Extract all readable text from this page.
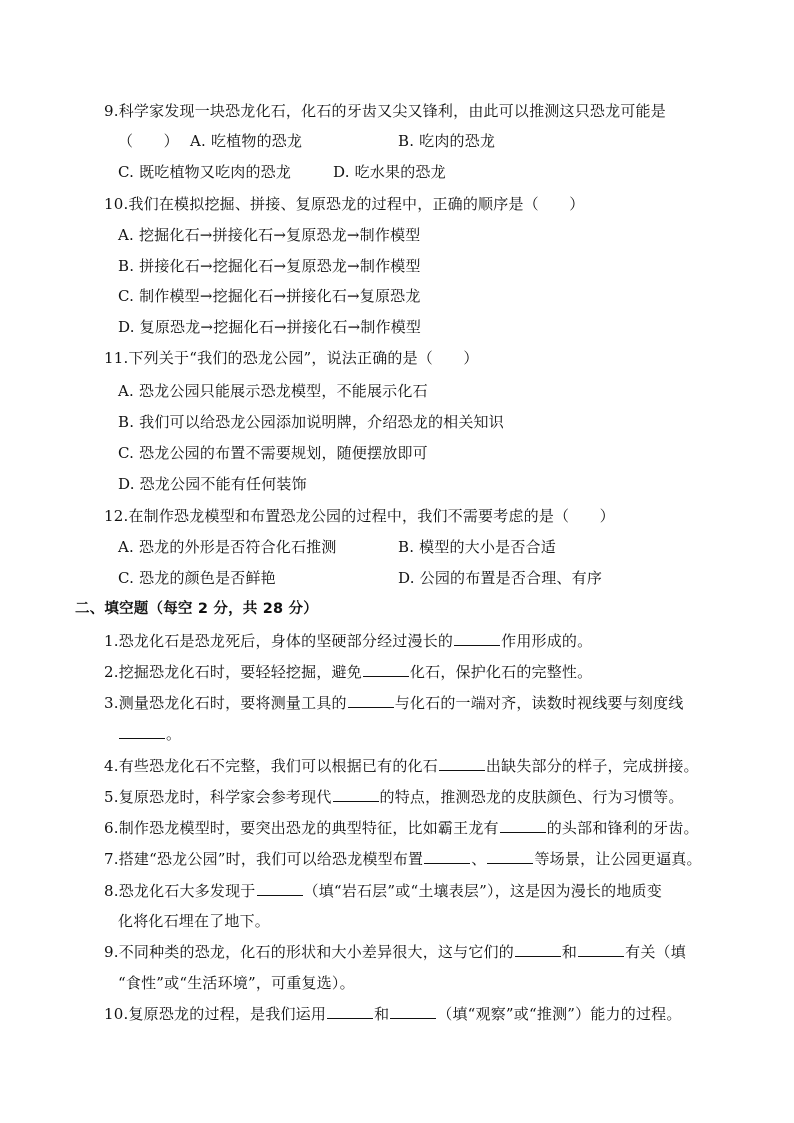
9.科学家发现一块恐龙化石，化石的牙齿又尖又锋利，由此可以推测这只恐龙可能是
（　　） A. 吃植物的恐龙	B. 吃肉的恐龙
C. 既吃植物又吃肉的恐龙	D. 吃水果的恐龙
10.我们在模拟挖掘、拼接、复原恐龙的过程中，正确的顺序是（　　）
A. 挖掘化石→拼接化石→复原恐龙→制作模型
B. 拼接化石→挖掘化石→复原恐龙→制作模型
C. 制作模型→挖掘化石→拼接化石→复原恐龙
D. 复原恐龙→挖掘化石→拼接化石→制作模型
11.下列关于“我们的恐龙公园”，说法正确的是（　　）
A. 恐龙公园只能展示恐龙模型，不能展示化石
B. 我们可以给恐龙公园添加说明牌，介绍恐龙的相关知识
C. 恐龙公园的布置不需要规划，随便摆放即可
D. 恐龙公园不能有任何装饰
12.在制作恐龙模型和布置恐龙公园的过程中，我们不需要考虑的是（　　）
A. 恐龙的外形是否符合化石推测	B. 模型的大小是否合适
C. 恐龙的颜色是否鲜艳	D. 公园的布置是否合理、有序
二、填空题（每空 2 分，共 28 分）
1.恐龙化石是恐龙死后，身体的坚硬部分经过漫长的	作用形成的。
2.挖掘恐龙化石时，要轻轻挖掘，避免	化石，保护化石的完整性。
3.测量恐龙化石时，要将测量工具的	与化石的一端对齐，读数时视线要与刻度线
。
4.有些恐龙化石不完整，我们可以根据已有的化石	出缺失部分的样子，完成拼接。
5.复原恐龙时，科学家会参考现代	的特点，推测恐龙的皮肤颜色、行为习惯等。
6.制作恐龙模型时，要突出恐龙的典型特征，比如霸王龙有	的头部和锋利的牙齿。
7.搭建“恐龙公园”时，我们可以给恐龙模型布置	、	等场景，让公园更逼真。
8.恐龙化石大多发现于	（填“岩石层”或“土壤表层”），这是因为漫长的地质变
化将化石埋在了地下。
9.不同种类的恐龙，化石的形状和大小差异很大，这与它们的	和	有关（填
“食性”或“生活环境”，可重复选）。
10.复原恐龙的过程，是我们运用	和	（填“观察”或“推测”）能力的过程。
